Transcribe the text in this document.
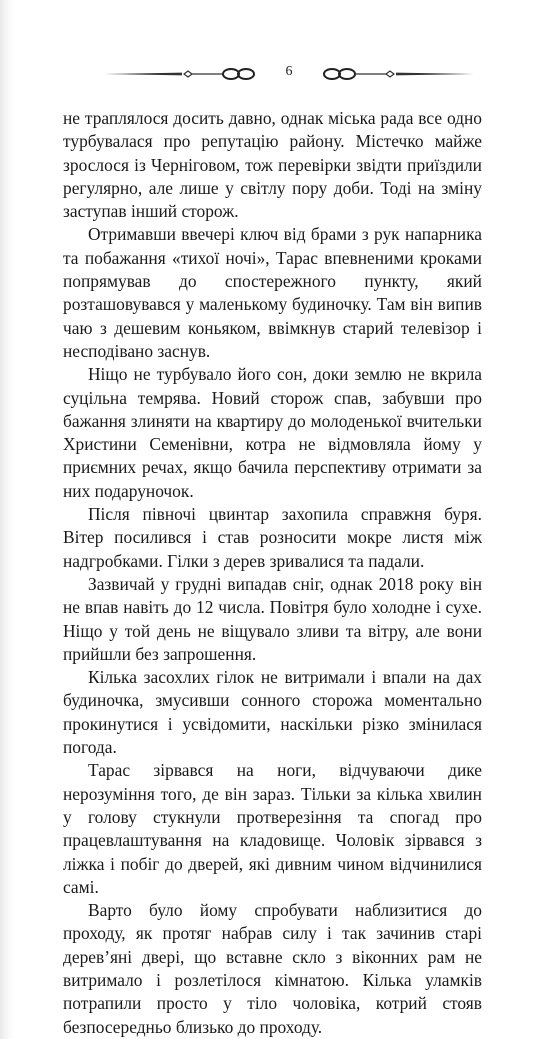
6

не траплялося досить давно, однак міська рада все одно турбувалася про репутацію району. Містечко майже зрослося із Черніговом, тож перевірки звідти приїздили регулярно, але лише у світлу пору доби. Тоді на зміну заступав інший сторож.

Отримавши ввечері ключ від брами з рук напарника та побажання «тихої ночі», Тарас впевненими кроками попрямував до спостережного пункту, який розташовувався у маленькому будиночку. Там він випив чаю з дешевим коньяком, ввімкнув старий телевізор і несподівано заснув.

Ніщо не турбувало його сон, доки землю не вкрила суцільна темрява. Новий сторож спав, забувши про бажання злиняти на квартиру до молоденької вчительки Христини Семенівни, котра не відмовляла йому у приємних речах, якщо бачила перспективу отримати за них подаруночок.

Після півночі цвинтар захопила справжня буря. Вітер посилився і став розносити мокре листя між надгробками. Гілки з дерев зривалися та падали.

Зазвичай у грудні випадав сніг, однак 2018 року він не впав навіть до 12 числа. Повітря було холодне і сухе. Ніщо у той день не віщувало зливи та вітру, але вони прийшли без запрошення.

Кілька засохлих гілок не витримали і впали на дах будиночка, змусивши сонного сторожа моментально прокинутися і усвідомити, наскільки різко змінилася погода.

Тарас зірвався на ноги, відчуваючи дике нерозуміння того, де він зараз. Тільки за кілька хвилин у голову стукнули протверезіння та спогад про працевлаштування на кладовище. Чоловік зірвався з ліжка і побіг до дверей, які дивним чином відчинилися самі.

Варто було йому спробувати наблизитися до проходу, як протяг набрав силу і так зачинив старі дерев’яні двері, що вставне скло з віконних рам не витримало і розлетілося кімнатою. Кілька уламків потрапили просто у тіло чоловіка, котрий стояв безпосередньо близько до проходу.
